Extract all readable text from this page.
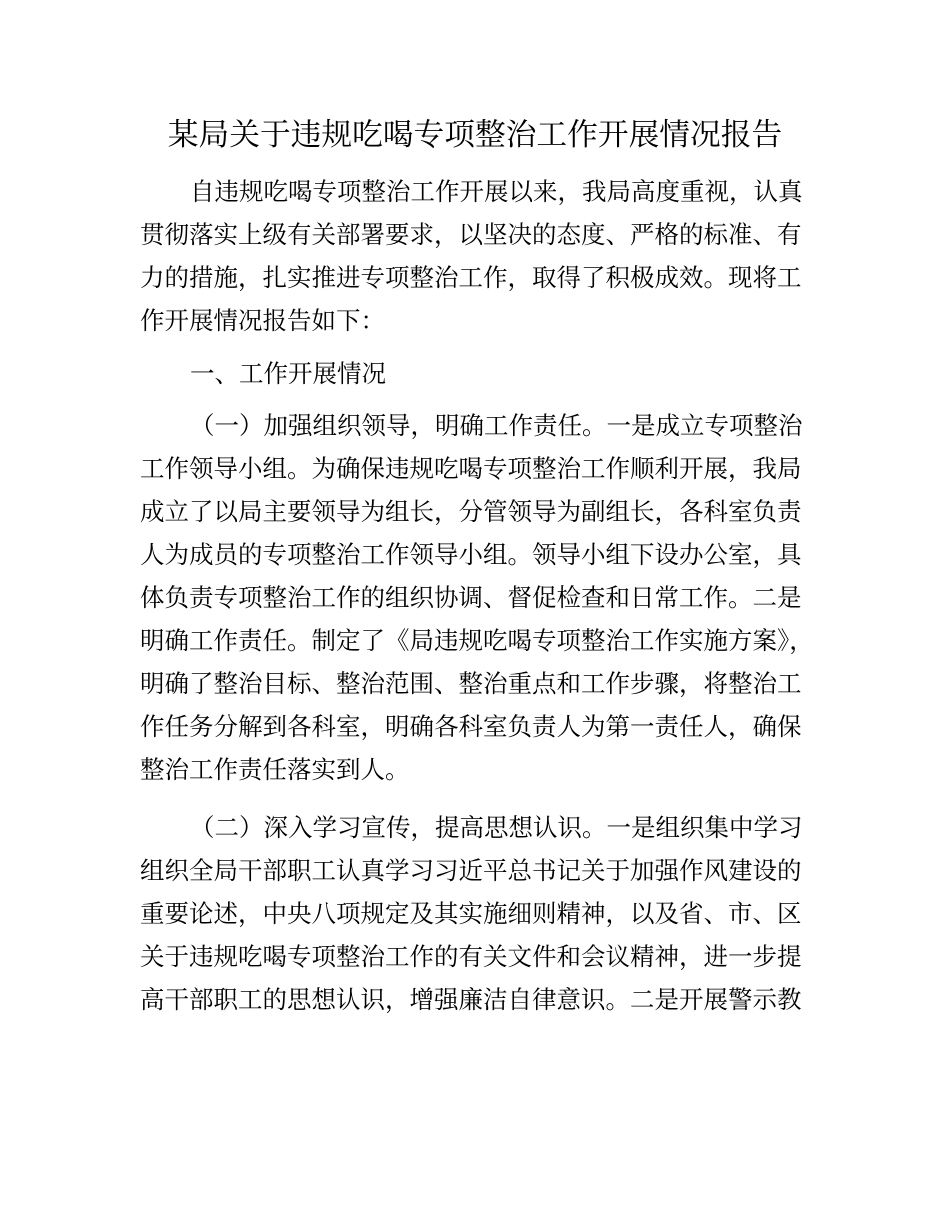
某局关于违规吃喝专项整治工作开展情况报告
自违规吃喝专项整治工作开展以来，我局高度重视，认真
贯彻落实上级有关部署要求，以坚决的态度、严格的标准、有
力的措施，扎实推进专项整治工作，取得了积极成效。现将工
作开展情况报告如下：
一、工作开展情况
（一）加强组织领导，明确工作责任。一是成立专项整治
工作领导小组。为确保违规吃喝专项整治工作顺利开展，我局
成立了以局主要领导为组长，分管领导为副组长，各科室负责
人为成员的专项整治工作领导小组。领导小组下设办公室，具
体负责专项整治工作的组织协调、督促检查和日常工作。二是
明确工作责任。制定了《局违规吃喝专项整治工作实施方案》，
明确了整治目标、整治范围、整治重点和工作步骤，将整治工
作任务分解到各科室，明确各科室负责人为第一责任人，确保
整治工作责任落实到人。
（二）深入学习宣传，提高思想认识。一是组织集中学习
组织全局干部职工认真学习习近平总书记关于加强作风建设的
重要论述，中央八项规定及其实施细则精神，以及省、市、区
关于违规吃喝专项整治工作的有关文件和会议精神，进一步提
高干部职工的思想认识，增强廉洁自律意识。二是开展警示教
